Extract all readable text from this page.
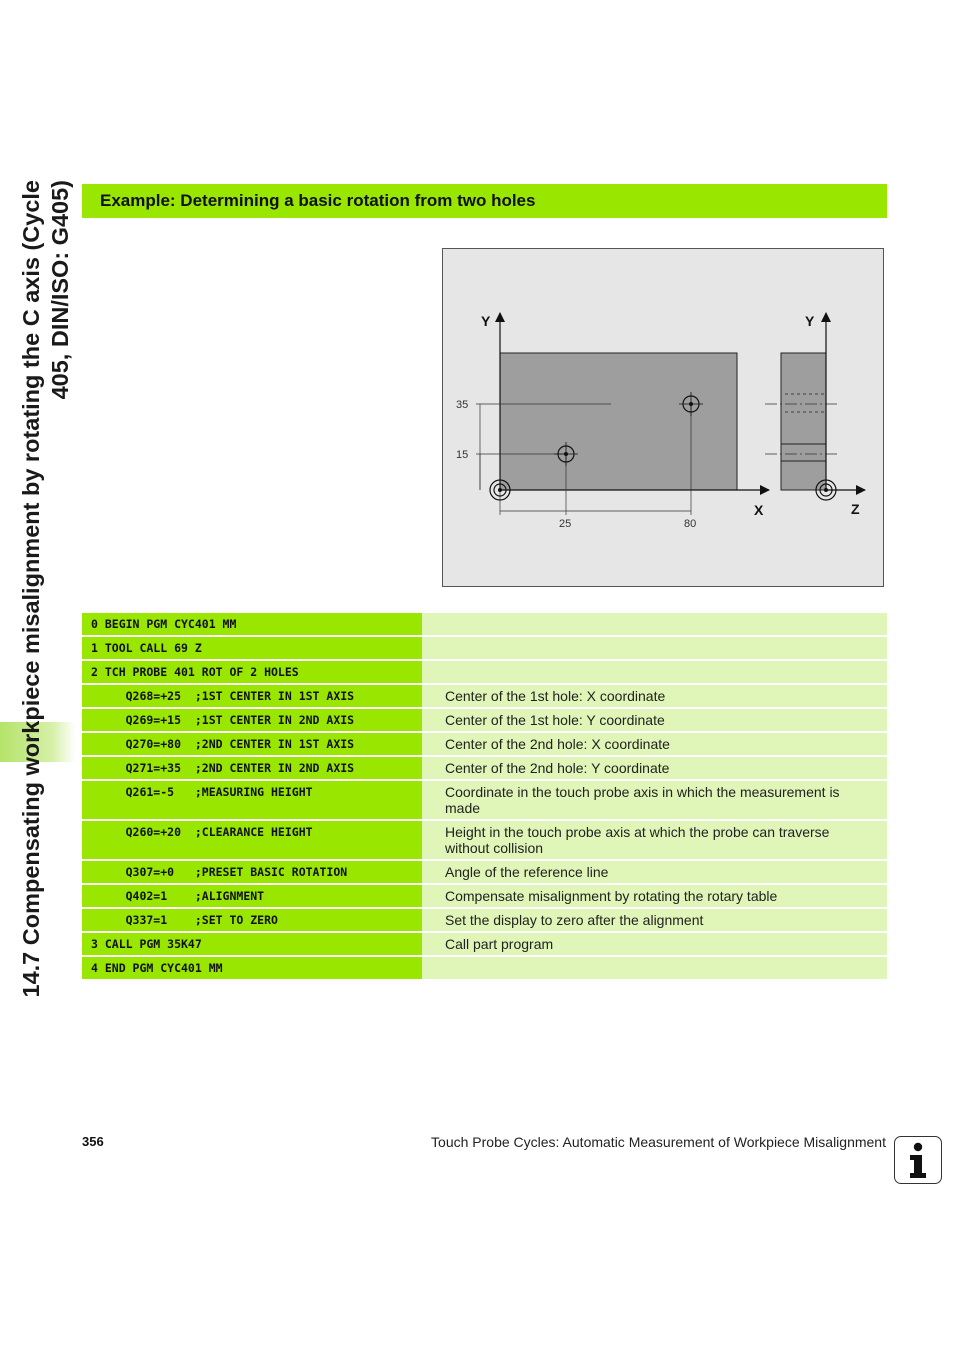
14.7 Compensating workpiece misalignment by rotating the C axis (Cycle 405, DIN/ISO: G405)	Example: Determining a basic rotation from two holes
Y	Y
X	Z
35
15
25	80
0 BEGIN PGM CYC401 MM
1 TOOL CALL 69 Z
2 TCH PROBE 401 ROT OF 2 HOLES
Q268=+25  ;1ST CENTER IN 1ST AXIS	Center of the 1st hole: X coordinate
Q269=+15  ;1ST CENTER IN 2ND AXIS	Center of the 1st hole: Y coordinate
Q270=+80  ;2ND CENTER IN 1ST AXIS	Center of the 2nd hole: X coordinate
Q271=+35  ;2ND CENTER IN 2ND AXIS	Center of the 2nd hole: Y coordinate
Q261=-5   ;MEASURING HEIGHT	Coordinate in the touch probe axis in which the measurement is made
Q260=+20  ;CLEARANCE HEIGHT	Height in the touch probe axis at which the probe can traverse without collision
Q307=+0   ;PRESET BASIC ROTATION	Angle of the reference line
Q402=1    ;ALIGNMENT	Compensate misalignment by rotating the rotary table
Q337=1    ;SET TO ZERO	Set the display to zero after the alignment
3 CALL PGM 35K47	Call part program
4 END PGM CYC401 MM
356	Touch Probe Cycles: Automatic Measurement of Workpiece Misalignment
